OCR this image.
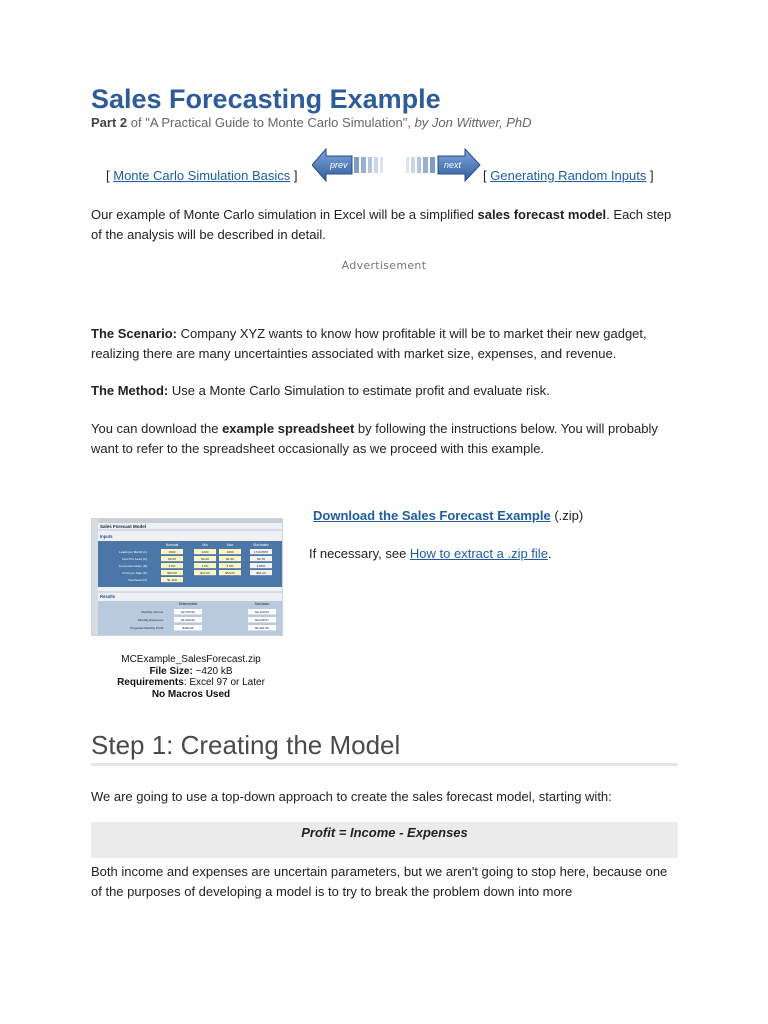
Sales Forecasting Example
Part 2 of "A Practical Guide to Monte Carlo Simulation", by Jon Wittwer, PhD
[ Monte Carlo Simulation Basics ]
prev	next
[ Generating Random Inputs ]
Our example of Monte Carlo simulation in Excel will be a simplified sales forecast model. Each step of the analysis will be described in detail.
Advertisement
The Scenario: Company XYZ wants to know how profitable it will be to market their new gadget, realizing there are many uncertainties associated with market size, expenses, and revenue.
The Method: Use a Monte Carlo Simulation to estimate profit and evaluate risk.
You can download the example spreadsheet by following the instructions below. You will probably want to refer to the spreadsheet occasionally as we proceed with this example.
Sales Forecast Model
Inputs
Nominal	Min	Max	Stochastic
Leads per Month (L)	1500	1200	1800	1719.8657
Cost Per Lead (C)	$0.65	$0.20	$1.00	$0.78
Conversion Rate (R)	3.0%	1.0%	5.0%	4.86%
Profit per Sale (P)	$50.00	$47.00	$53.00	$51.23
Overhead (O)	$1,200
Results
Deterministic	Stochastic
Monthly Income:	$2,250.00	$4,120.00
Monthly Expenses:	$1,950.00	$2,539.97
Projected Monthly Profit:	$300.00	$1,561.65
Download the Sales Forecast Example (.zip)
If necessary, see How to extract a .zip file.
MCExample_SalesForecast.zip
File Size: ~420 kB
Requirements: Excel 97 or Later
No Macros Used
Step 1: Creating the Model
We are going to use a top-down approach to create the sales forecast model, starting with:
Profit = Income - Expenses
Both income and expenses are uncertain parameters, but we aren't going to stop here, because one of the purposes of developing a model is to try to break the problem down into more
